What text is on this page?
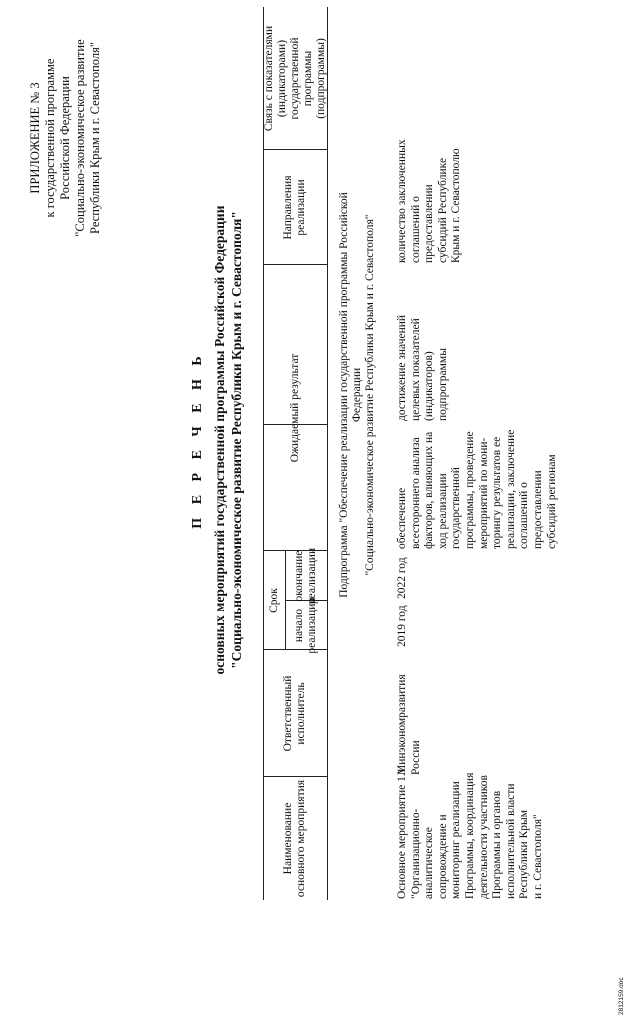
ПРИЛОЖЕНИЕ № 3 к государственной программе Российской Федерации "Социально-экономическое развитие Республики Крым и г. Севастополя"
П Е Р Е Ч Е Н Ь основных мероприятий государственной программы Российской Федерации "Социально-экономическое развитие Республики Крым и г. Севастополя"	Подпрограмма "Обеспечение реализации государственной программы Российской Федерации "Социально-экономическое развитие Республики Крым и г. Севастополя"
Основное мероприятие 1.1 "Организационно- аналитическое сопровождение и мониторинг реализации Программы, координация деятельности участников Программы и органов исполнительной власти Республики Крым и г. Севастополя"
Наименование основного мероприятия
Ответственный исполнитель
Срок
начало реализации
окончание реализации
Ожидаемый результат
Направления реализации
Связь с показателями (индикаторами) государственной программы (подпрограммы)
Минэкономразвития России
2019 год
2022 год
обеспечение всестороннего анализа факторов, влияющих на ход реализации государственной программы, проведение мероприятий по мони- торингу результатов ее реализации, заключение соглашений о предоставлении субсидий регионам
достижение значений целевых показателей (индикаторов) подпрограммы
количество заключенных соглашений о предоставлении субсидий Республике Крым и г. Севастополю
2812159.doc
